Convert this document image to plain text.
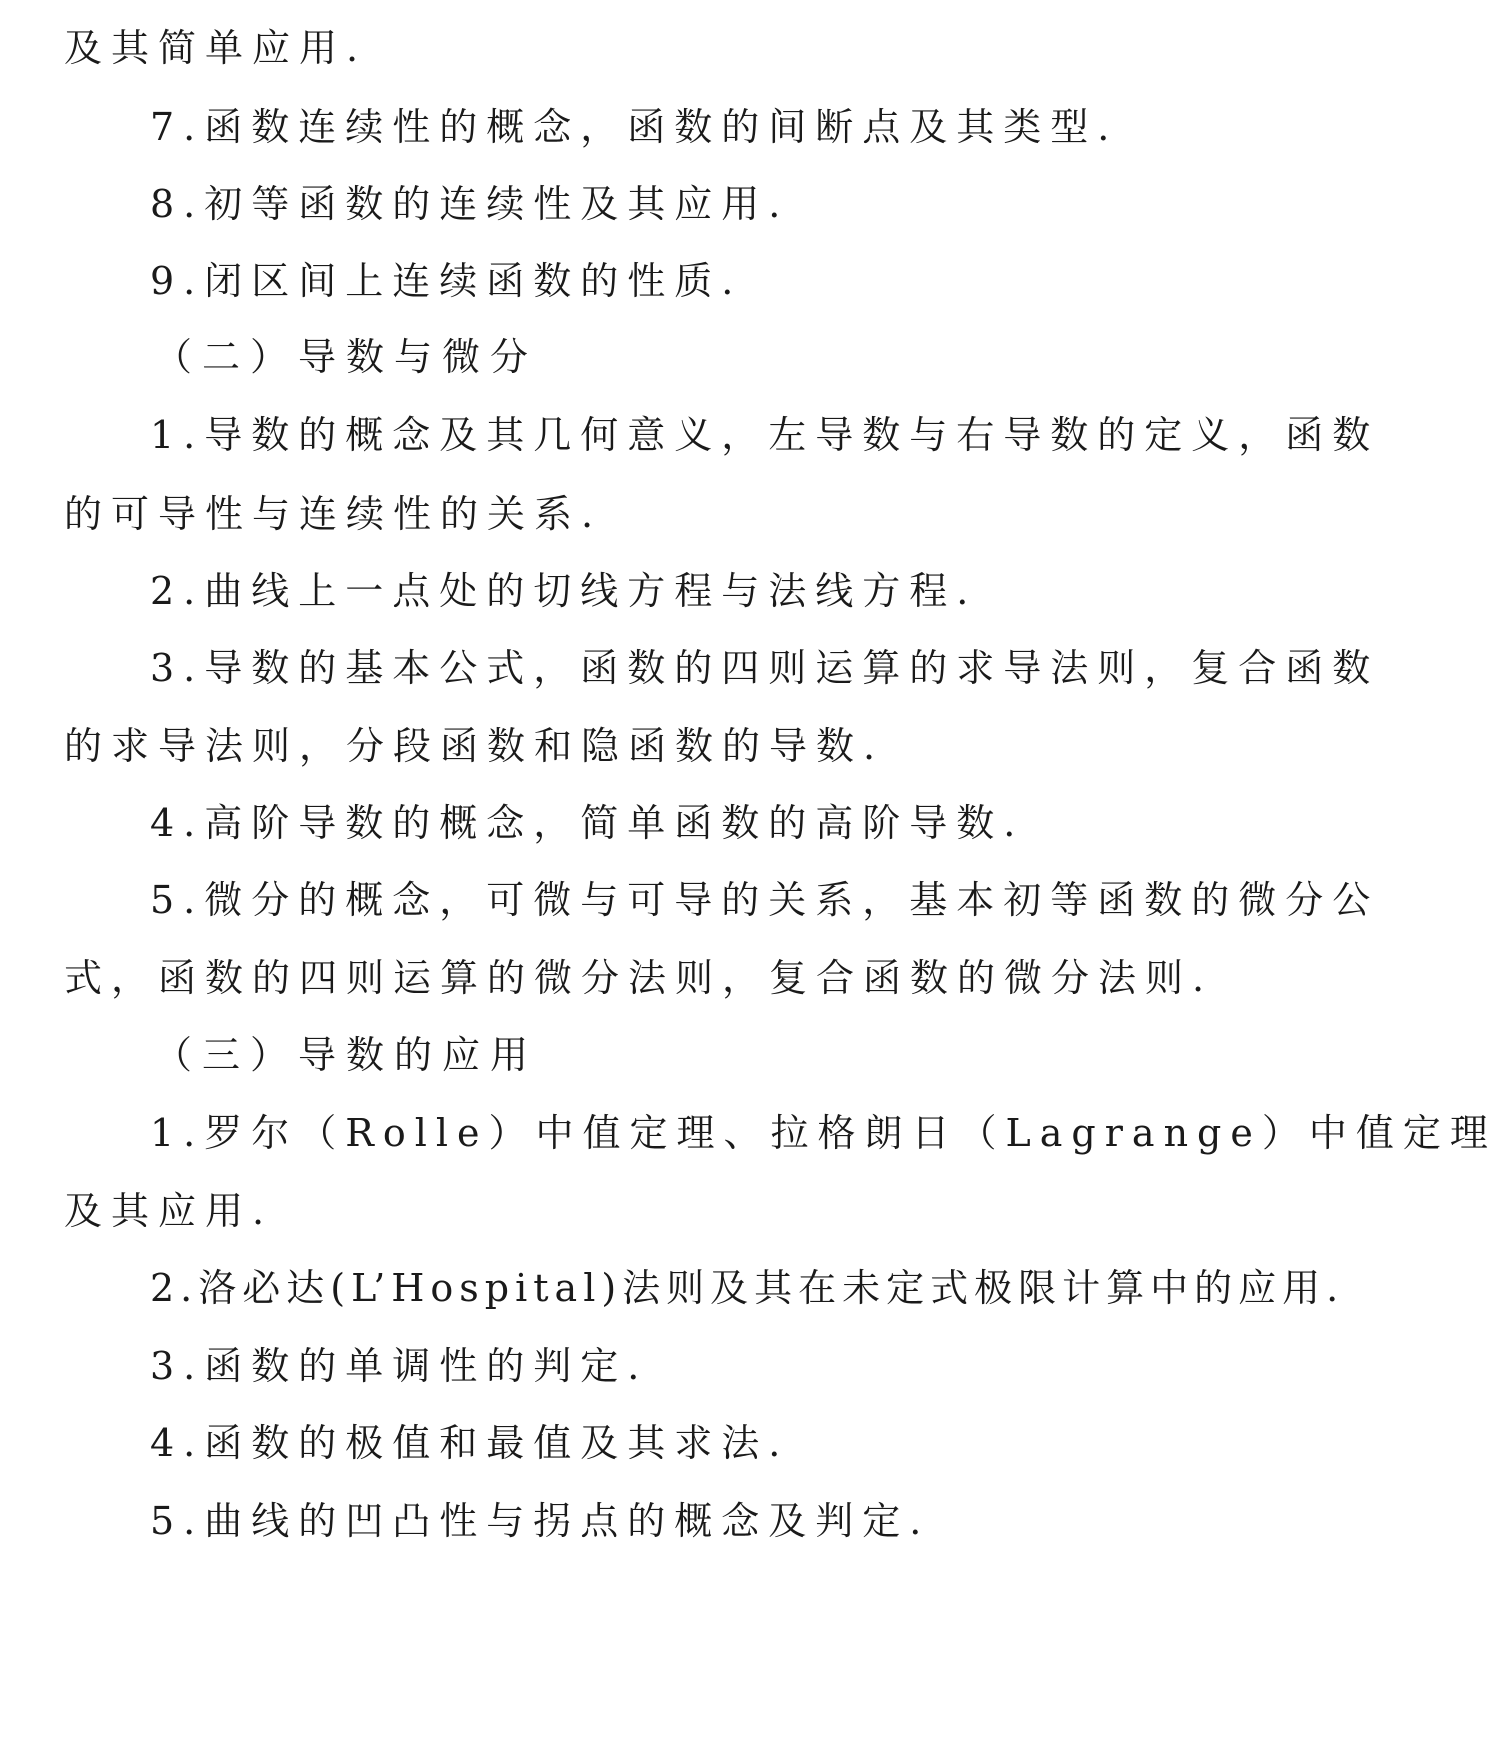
及其简单应用.
7.函数连续性的概念，函数的间断点及其类型.
8.初等函数的连续性及其应用.
9.闭区间上连续函数的性质.
（二）导数与微分
1.导数的概念及其几何意义，左导数与右导数的定义，函数
的可导性与连续性的关系.
2.曲线上一点处的切线方程与法线方程.
3.导数的基本公式，函数的四则运算的求导法则，复合函数
的求导法则，分段函数和隐函数的导数.
4.高阶导数的概念，简单函数的高阶导数.
5.微分的概念，可微与可导的关系，基本初等函数的微分公
式，函数的四则运算的微分法则，复合函数的微分法则.
（三）导数的应用
1.罗尔（Rolle）中值定理、拉格朗日（Lagrange）中值定理
及其应用.
2.洛必达(L’Hospital)法则及其在未定式极限计算中的应用.
3.函数的单调性的判定.
4.函数的极值和最值及其求法.
5.曲线的凹凸性与拐点的概念及判定.
